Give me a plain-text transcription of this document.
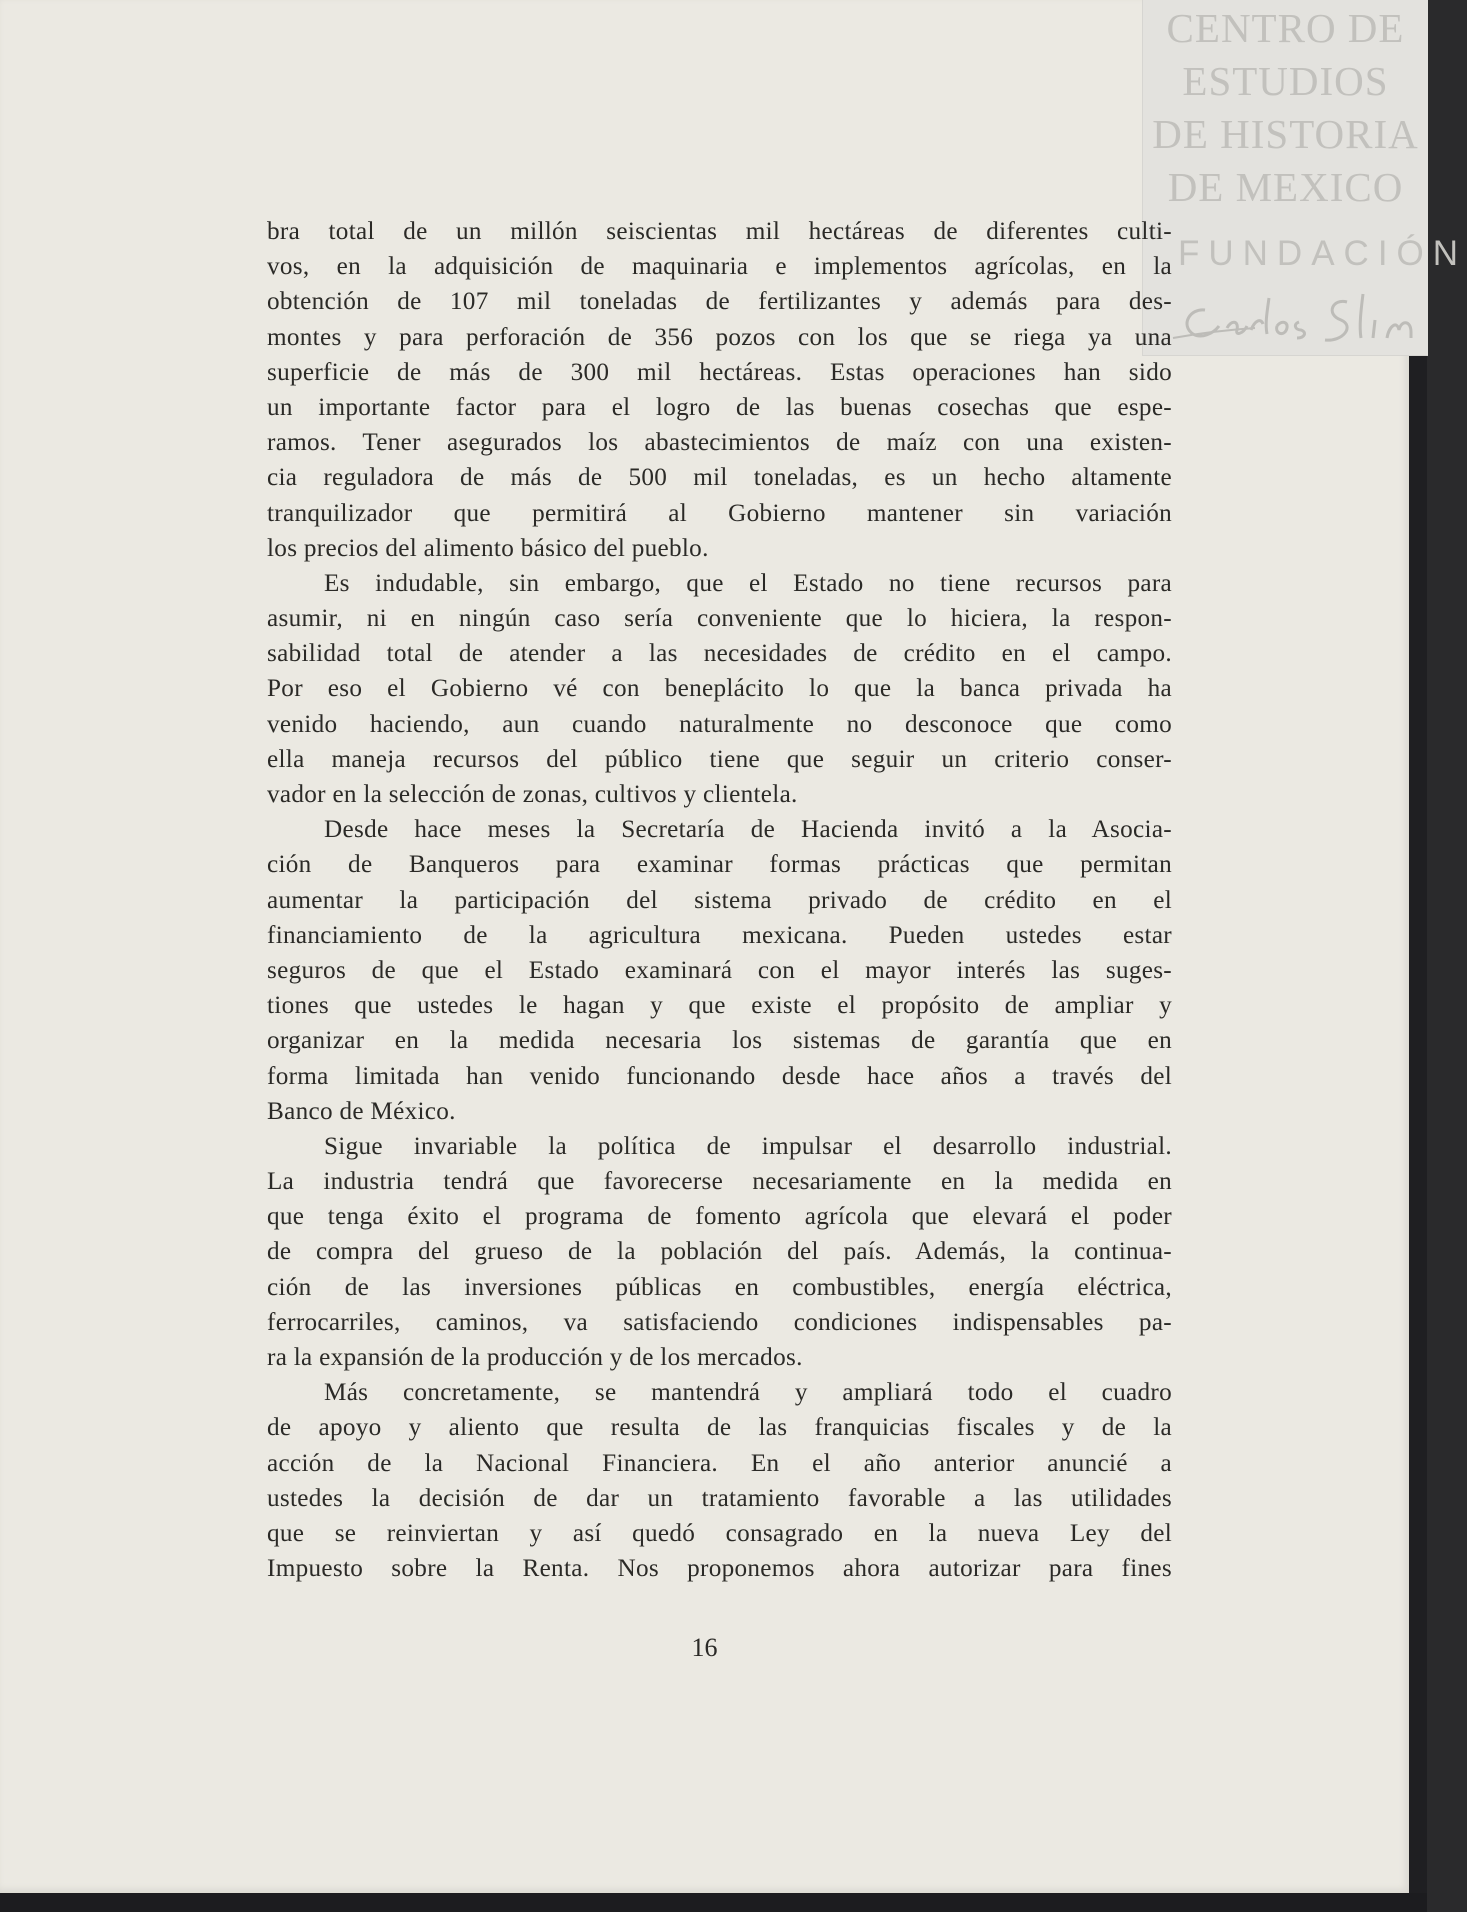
CENTRO DE
ESTUDIOS
DE HISTORIA
DE MEXICO
FUNDACIÓN
bra total de un millón seiscientas mil hectáreas de diferentes culti-
vos, en la adquisición de maquinaria e implementos agrícolas, en la
obtención de 107 mil toneladas de fertilizantes y además para des-
montes y para perforación de 356 pozos con los que se riega ya una
superficie de más de 300 mil hectáreas. Estas operaciones han sido
un importante factor para el logro de las buenas cosechas que espe-
ramos. Tener asegurados los abastecimientos de maíz con una existen-
cia reguladora de más de 500 mil toneladas, es un hecho altamente
tranquilizador que permitirá al Gobierno mantener sin variación
los precios del alimento básico del pueblo.
Es indudable, sin embargo, que el Estado no tiene recursos para
asumir, ni en ningún caso sería conveniente que lo hiciera, la respon-
sabilidad total de atender a las necesidades de crédito en el campo.
Por eso el Gobierno vé con beneplácito lo que la banca privada ha
venido haciendo, aun cuando naturalmente no desconoce que como
ella maneja recursos del público tiene que seguir un criterio conser-
vador en la selección de zonas, cultivos y clientela.
Desde hace meses la Secretaría de Hacienda invitó a la Asocia-
ción de Banqueros para examinar formas prácticas que permitan
aumentar la participación del sistema privado de crédito en el
financiamiento de la agricultura mexicana. Pueden ustedes estar
seguros de que el Estado examinará con el mayor interés las suges-
tiones que ustedes le hagan y que existe el propósito de ampliar y
organizar en la medida necesaria los sistemas de garantía que en
forma limitada han venido funcionando desde hace años a través del
Banco de México.
Sigue invariable la política de impulsar el desarrollo industrial.
La industria tendrá que favorecerse necesariamente en la medida en
que tenga éxito el programa de fomento agrícola que elevará el poder
de compra del grueso de la población del país. Además, la continua-
ción de las inversiones públicas en combustibles, energía eléctrica,
ferrocarriles, caminos, va satisfaciendo condiciones indispensables pa-
ra la expansión de la producción y de los mercados.
Más concretamente, se mantendrá y ampliará todo el cuadro
de apoyo y aliento que resulta de las franquicias fiscales y de la
acción de la Nacional Financiera. En el año anterior anuncié a
ustedes la decisión de dar un tratamiento favorable a las utilidades
que se reinviertan y así quedó consagrado en la nueva Ley del
Impuesto sobre la Renta. Nos proponemos ahora autorizar para fines
16
